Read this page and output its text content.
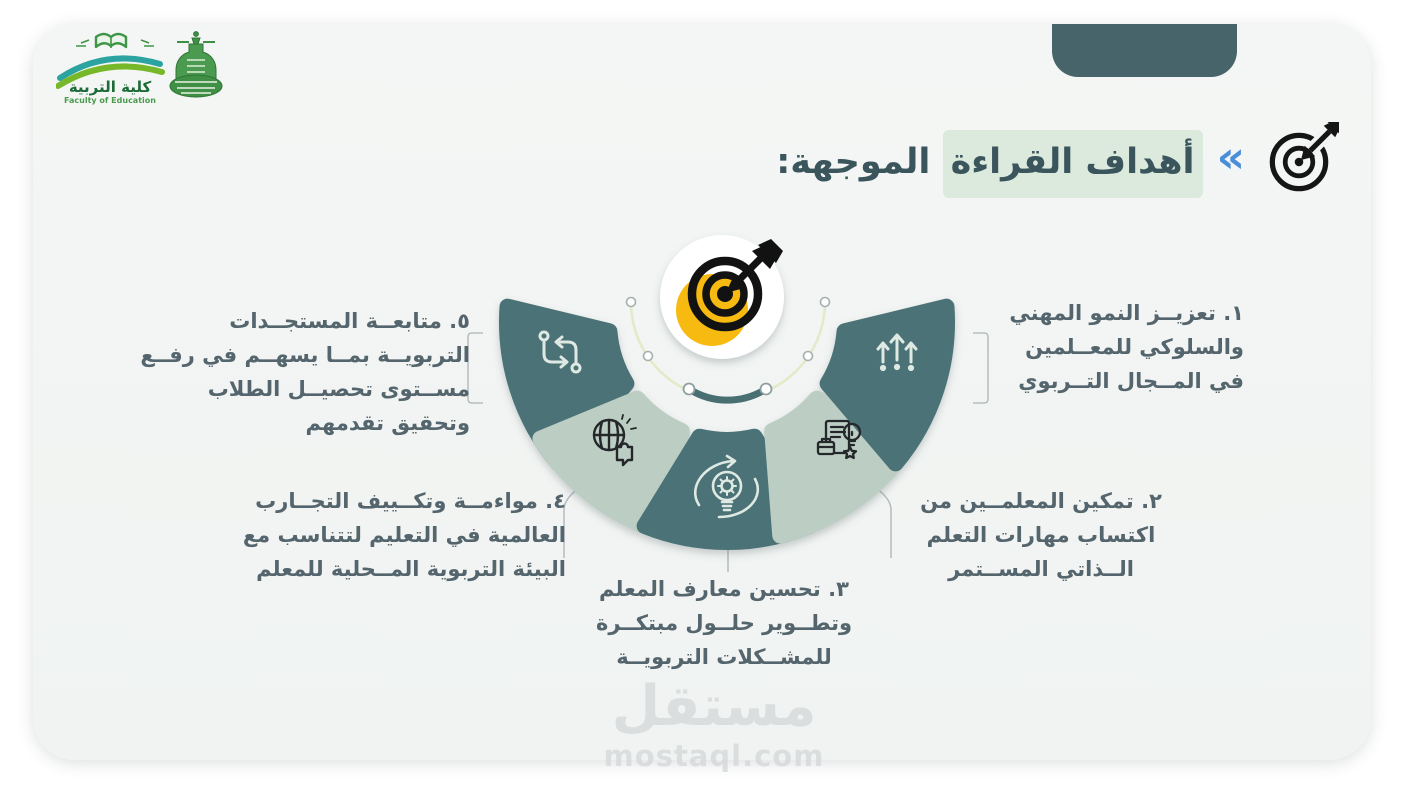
كلية التربية
Faculty of Education
أهداف القراءة‏ الموجهة:	«
١. تعزيــز النمو المهني والسلوكي للمعــلمين في المــجال التــربوي
٢. تمكين المعلمــين من اكتساب مهارات التعلم الــذاتي المســتمر
٣. تحسين معارف المعلم وتطــوير حلــول مبتكــرة للمشــكلات التربويــة
٤. مواءمــة وتكــييف التجــارب العالمية في التعليم لتتناسب مع البيئة التربوية المــحلية للمعلم
٥. متابعــة المستجــدات التربويــة بمــا يسهــم في رفــع مســتوى تحصيــل الطلاب وتحقيق تقدمهم
مستقل
mostaql.com
